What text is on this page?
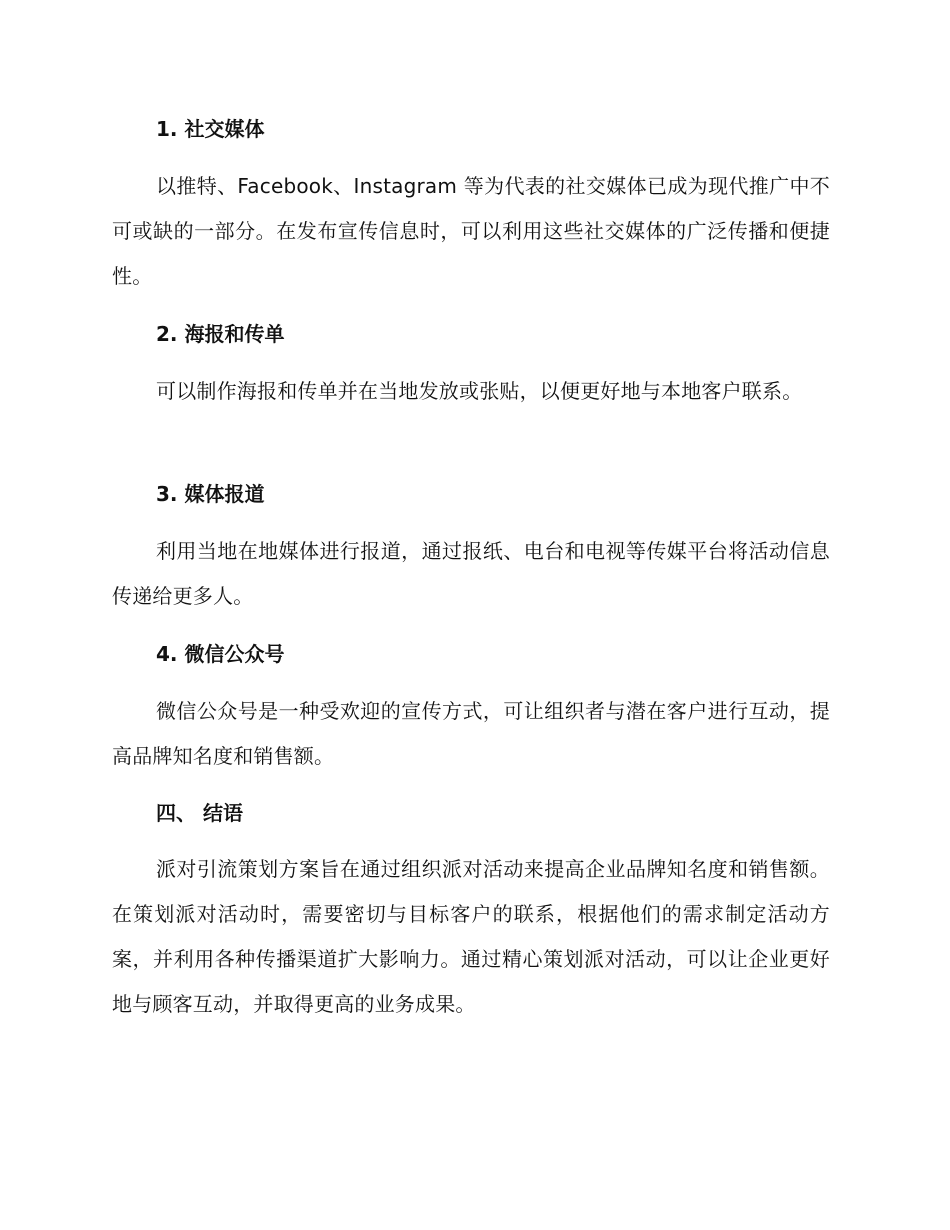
1. 社交媒体

以推特、Facebook、Instagram 等为代表的社交媒体已成为现代推广中不可或缺的一部分。在发布宣传信息时，可以利用这些社交媒体的广泛传播和便捷性。

2. 海报和传单

可以制作海报和传单并在当地发放或张贴，以便更好地与本地客户联系。

3. 媒体报道

利用当地在地媒体进行报道，通过报纸、电台和电视等传媒平台将活动信息传递给更多人。

4. 微信公众号

微信公众号是一种受欢迎的宣传方式，可让组织者与潜在客户进行互动，提高品牌知名度和销售额。

四、 结语

派对引流策划方案旨在通过组织派对活动来提高企业品牌知名度和销售额。在策划派对活动时，需要密切与目标客户的联系，根据他们的需求制定活动方案，并利用各种传播渠道扩大影响力。通过精心策划派对活动，可以让企业更好地与顾客互动，并取得更高的业务成果。
